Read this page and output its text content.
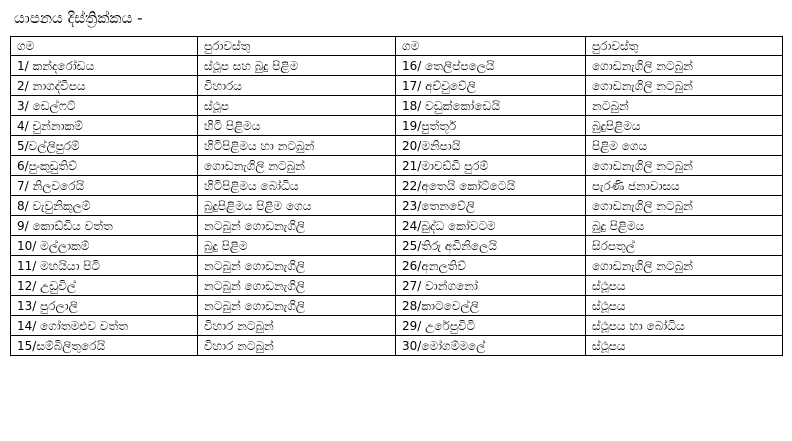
යාපනය දිස්ත්‍රික්කය -
ගම	පුරාවස්තු	ගම	පුරාවස්තු
1/ කන්දරෝඩය	ස්ථූප සහ බුදු පිළිම	16/ තෙලිප්පලෙයි	ගොඩනැගිලි නටබුන්
2/ නාගද්වීපය	විහාරය	17/ අච්චුවේලි	ගොඩනැගිලි නටබුන්
3/ ඩෙල්ෆට්	ස්ථූප	18/ වඩුක්කෝඩෙයි	නටබුන්
4/ චුන්නාකම්	හිටි පිළිමය	19/පුත්තූර්	බුදුපිළිමය
5/වල්ලිපුරම්	හිටිපිළිමය හා නටබුන්	20/මනිපායි	පිළිම ගෙය
6/පුංකුඩුතිව්	ගොඩනැගිලි නටබුන්	21/මාවඩ්ඩි පුරම්	ගොඩනැගිලි නටබුන්
7/ නිලවරෙයි	හිටිපිළිමය බෝධිය	22/අතෙයි කෝට්ටෙයි	පැරණි ජනාවාසය
8/ වැවුනිකුලම්	බුදුපිළිමය පිළිම ගෙය	23/තෙනවේලි	ගොඩනැගිලි නටබුන්
9/ කොඩ්ඩිය වත්ත	නටබුන් ගොඩනැගිලි	24/බුද්ධ කෝවටම	බුදු පිළිමය
10/ මල්ලාකම්	බුදු පිළිම	25/තිරු අඩිනිලෙයි	සිරපතුල්
11/ මහයියා පිටි	නටබුන් ගොඩනැගිලි	26/අනලතිව්	ගොඩනැගිලි නටබුන්
12/ උඩුවිල්	නටබුන් ගොඩනැගිලි	27/ වාන්ගනෝ	ස්ථූපය
13/ පුරලාලි	නටබුන් ගොඩනැගිලි	28/කාටවෙල්ලි	ස්ථූපය
14/ ගෝතමඑව වත්ත	විහාර නටබුන්	29/ උරේපුවිටි	ස්ථූපය හා බෝධිය
15/සම්බිලිතුරෙයි	විහාර නටබුන්	30/මෝගම්මලේ	ස්ථූපය
